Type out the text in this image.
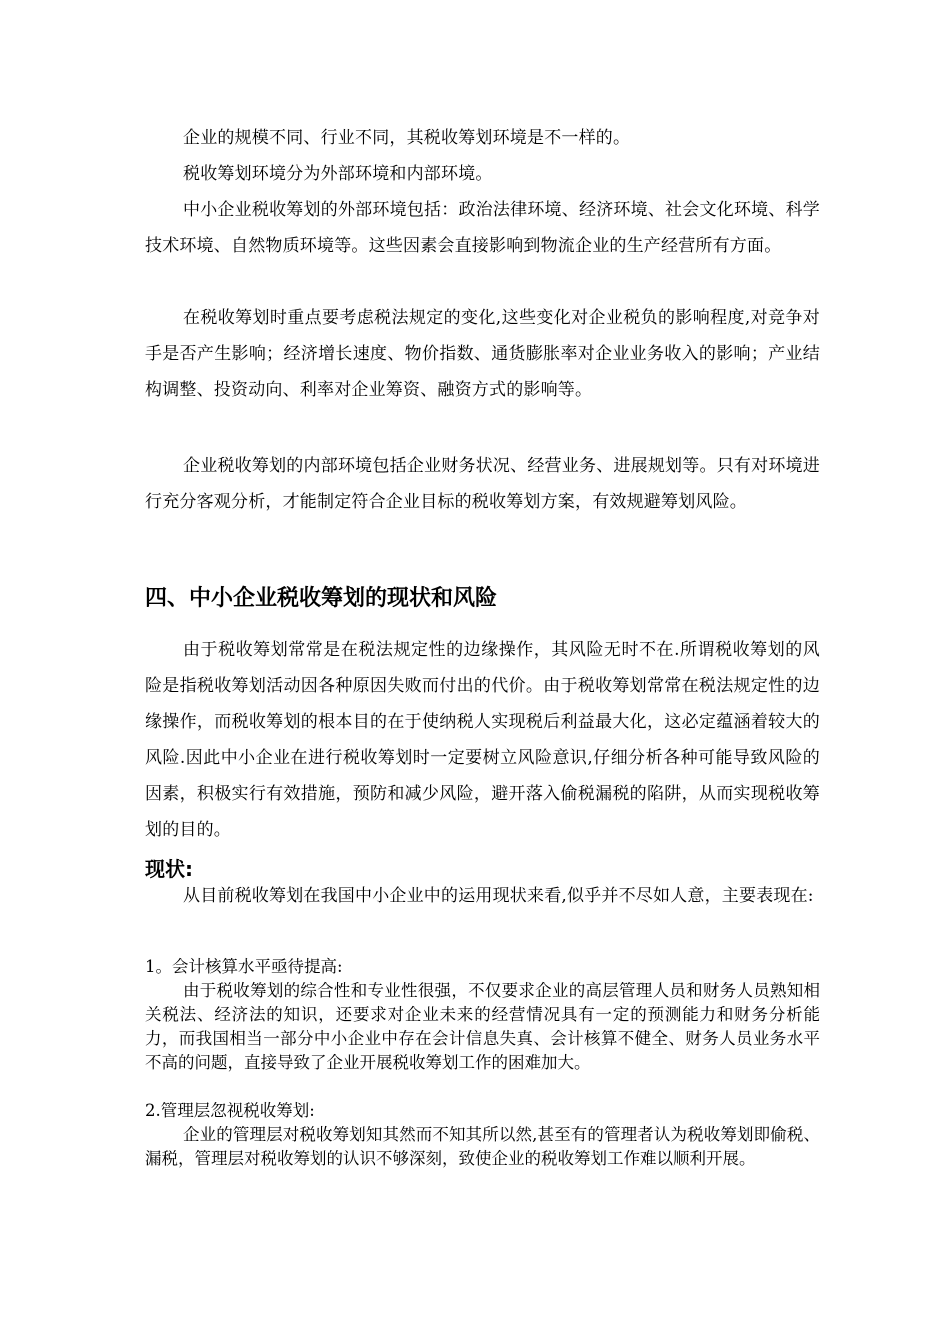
企业的规模不同、行业不同，其税收筹划环境是不一样的。

税收筹划环境分为外部环境和内部环境。

中小企业税收筹划的外部环境包括：政治法律环境、经济环境、社会文化环境、科学技术环境、自然物质环境等。这些因素会直接影响到物流企业的生产经营所有方面。

在税收筹划时重点要考虑税法规定的变化,这些变化对企业税负的影响程度,对竞争对手是否产生影响；经济增长速度、物价指数、通货膨胀率对企业业务收入的影响；产业结构调整、投资动向、利率对企业筹资、融资方式的影响等。

企业税收筹划的内部环境包括企业财务状况、经营业务、进展规划等。只有对环境进行充分客观分析，才能制定符合企业目标的税收筹划方案，有效规避筹划风险。

四、中小企业税收筹划的现状和风险

由于税收筹划常常是在税法规定性的边缘操作，其风险无时不在.所谓税收筹划的风险是指税收筹划活动因各种原因失败而付出的代价。由于税收筹划常常在税法规定性的边缘操作，而税收筹划的根本目的在于使纳税人实现税后利益最大化，这必定蕴涵着较大的风险.因此中小企业在进行税收筹划时一定要树立风险意识,仔细分析各种可能导致风险的因素，积极实行有效措施，预防和减少风险，避开落入偷税漏税的陷阱，从而实现税收筹划的目的。

现状:

从目前税收筹划在我国中小企业中的运用现状来看,似乎并不尽如人意，主要表现在:

1。会计核算水平亟待提高:

由于税收筹划的综合性和专业性很强，不仅要求企业的高层管理人员和财务人员熟知相关税法、经济法的知识，还要求对企业未来的经营情况具有一定的预测能力和财务分析能力，而我国相当一部分中小企业中存在会计信息失真、会计核算不健全、财务人员业务水平不高的问题，直接导致了企业开展税收筹划工作的困难加大。

2.管理层忽视税收筹划:

企业的管理层对税收筹划知其然而不知其所以然,甚至有的管理者认为税收筹划即偷税、漏税，管理层对税收筹划的认识不够深刻，致使企业的税收筹划工作难以顺利开展。
